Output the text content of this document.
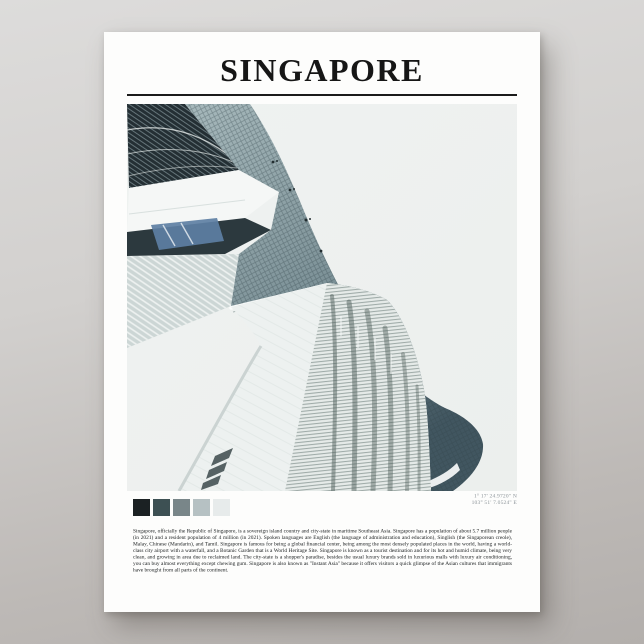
SINGAPORE
1° 17' 24.9720" N
103° 51' 7.0524" E

Singapore, officially the Republic of Singapore, is a sovereign island country and city-state in maritime Southeast Asia. Singapore has a population of about 5.7 million people (in 2021) and a resident population of 4 million (in 2021). Spoken languages are English (the language of administration and education), Singlish (the Singaporean creole), Malay, Chinese (Mandarin), and Tamil. Singapore is famous for being a global financial center, being among the most densely populated places in the world, having a world-class city airport with a waterfall, and a Botanic Garden that is a World Heritage Site. Singapore is known as a tourist destination and for its hot and humid climate, being very clean, and growing in area due to reclaimed land. The city-state is a shopper's paradise, besides the usual luxury brands sold in luxurious malls with luxury air conditioning, you can buy almost everything except chewing gum. Singapore is also known as "Instant Asia" because it offers visitors a quick glimpse of the Asian cultures that immigrants have brought from all parts of the continent.
